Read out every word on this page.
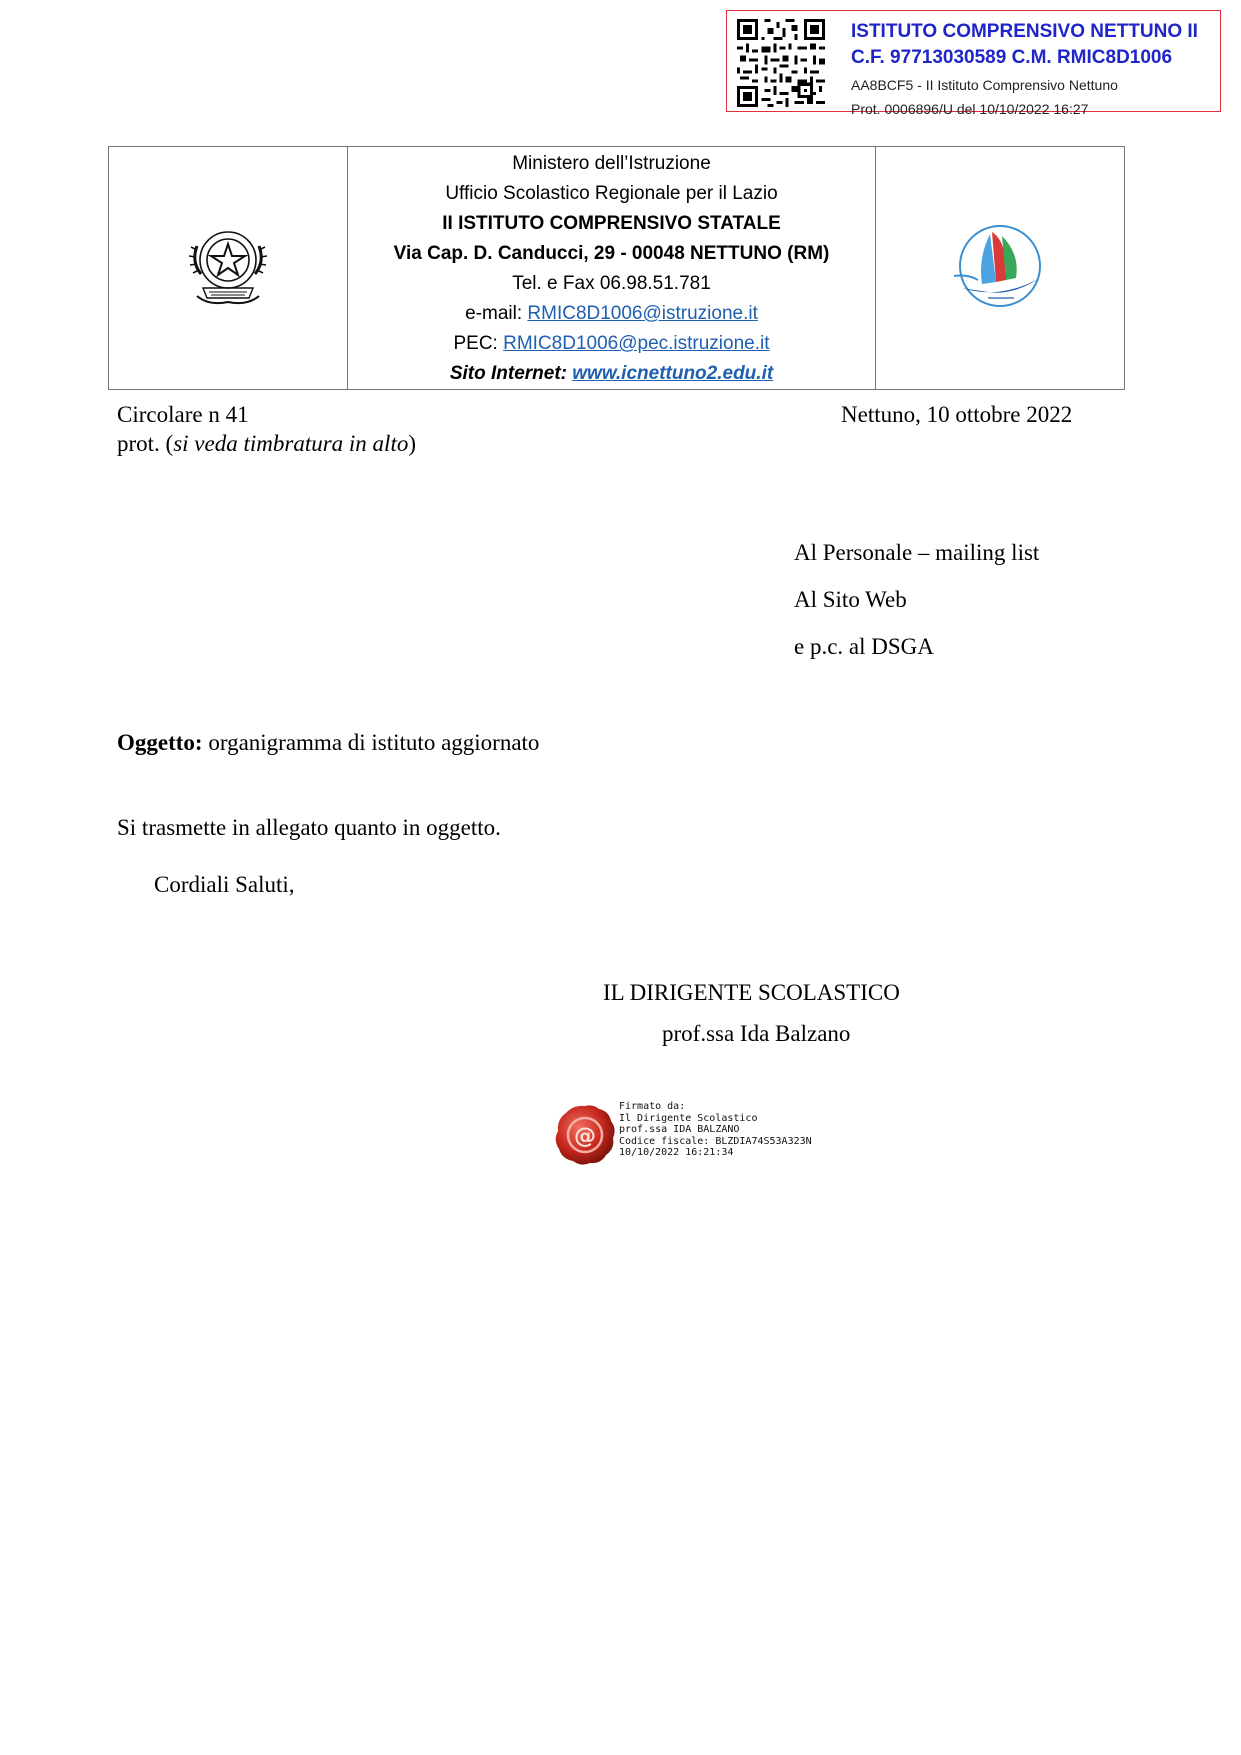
ISTITUTO COMPRENSIVO NETTUNO II
C.F. 97713030589 C.M. RMIC8D1006
AA8BCF5 - II Istituto Comprensivo Nettuno
Prot. 0006896/U del 10/10/2022 16:27

Ministero dell’Istruzione
Ufficio Scolastico Regionale per il Lazio
II ISTITUTO COMPRENSIVO STATALE
Via Cap. D. Canducci, 29 - 00048 NETTUNO (RM)
Tel. e Fax 06.98.51.781
e-mail: RMIC8D1006@istruzione.it
PEC: RMIC8D1006@pec.istruzione.it
Sito Internet: www.icnettuno2.edu.it

Circolare n 41	Nettuno, 10 ottobre 2022
prot. (si veda timbratura in alto)
Al Personale – mailing list
Al Sito Web
e p.c. al DSGA
Oggetto: organigramma di istituto aggiornato
Si trasmette in allegato quanto in oggetto.
Cordiali Saluti,
IL DIRIGENTE SCOLASTICO
prof.ssa Ida Balzano
@
Firmato da:
Il Dirigente Scolastico
prof.ssa IDA BALZANO
Codice fiscale: BLZDIA74S53A323N
10/10/2022 16:21:34
